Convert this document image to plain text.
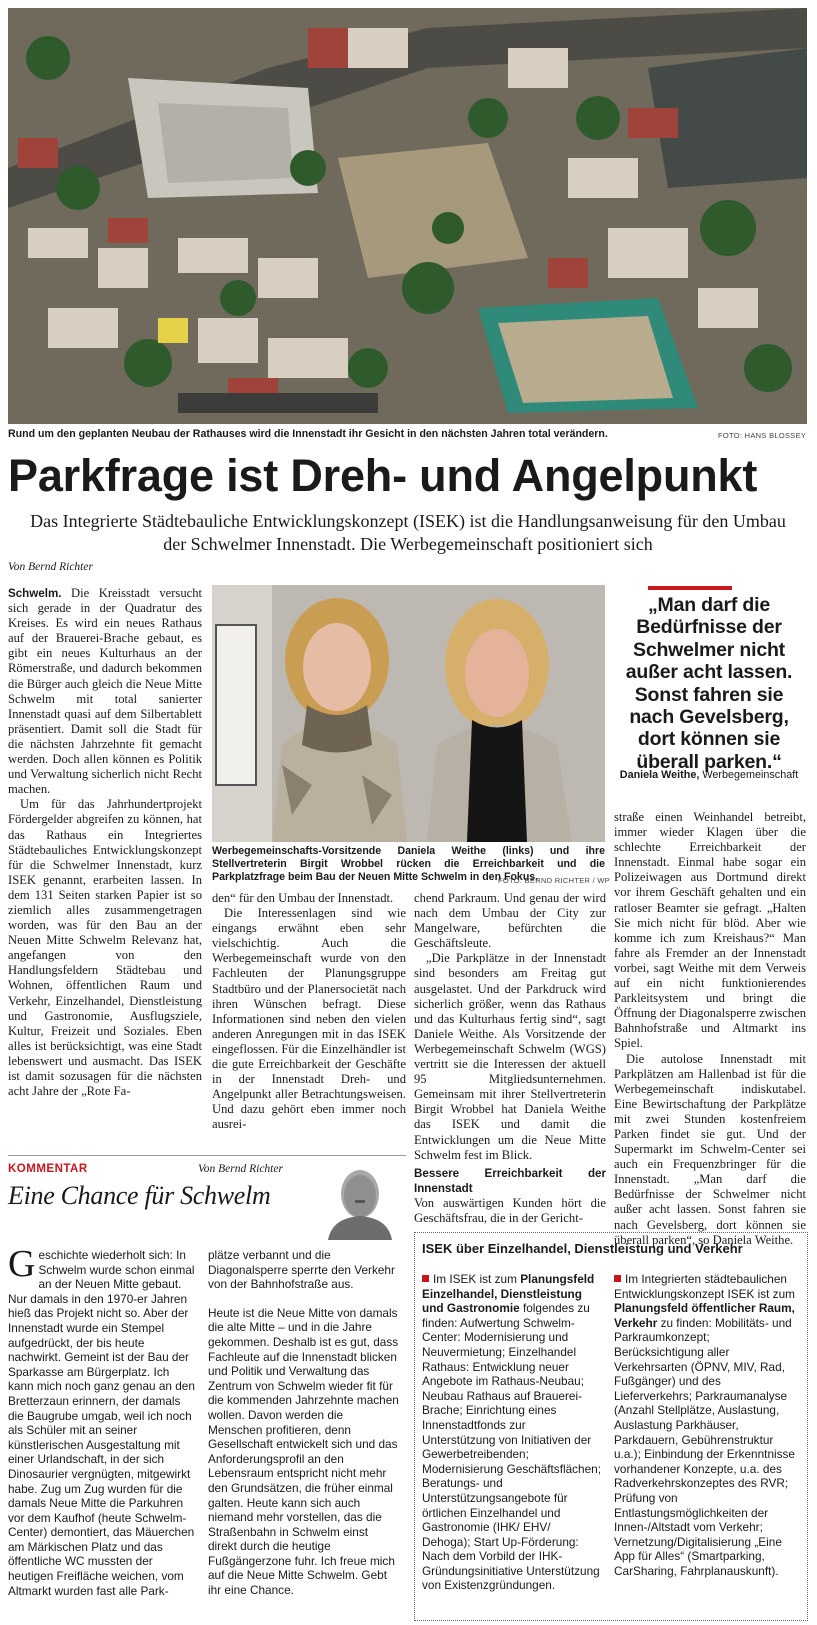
Rund um den geplanten Neubau der Rathauses wird die Innenstadt ihr Gesicht in den nächsten Jahren total verändern.	FOTO: HANS BLOSSEY
Parkfrage ist Dreh- und Angelpunkt
Das Integrierte Städtebauliche Entwicklungskonzept (ISEK) ist die Handlungsanweisung für den Umbau der Schwelmer Innenstadt. Die Werbegemeinschaft positioniert sich
Von Bernd Richter

Schwelm. Die Kreisstadt versucht sich gerade in der Quadratur des Kreises. Es wird ein neues Rathaus auf der Brauerei-Brache gebaut, es gibt ein neues Kulturhaus an der Römerstraße, und dadurch bekommen die Bürger auch gleich die Neue Mitte Schwelm mit total sanierter Innenstadt quasi auf dem Silbertablett präsentiert. Damit soll die Stadt für die nächsten Jahrzehnte fit gemacht werden. Doch allen können es Politik und Verwaltung sicherlich nicht Recht machen.

Um für das Jahrhundertprojekt Fördergelder abgreifen zu können, hat das Rathaus ein Integriertes Städtebauliches Entwicklungskonzept für die Schwelmer Innenstadt, kurz ISEK genannt, erarbeiten lassen. In dem 131 Seiten starken Papier ist so ziemlich alles zusammengetragen worden, was für den Bau an der Neuen Mitte Schwelm Relevanz hat, angefangen von den Handlungsfeldern Städtebau und Wohnen, öffentlichen Raum und Verkehr, Einzelhandel, Dienstleistung und Gastronomie, Ausflugsziele, Kultur, Freizeit und Soziales. Eben alles ist berücksichtigt, was eine Stadt lebenswert und ausmacht. Das ISEK ist damit sozusagen für die nächsten acht Jahre der „Rote Fa-

Werbegemeinschafts-Vorsitzende Daniela Weithe (links) und ihre Stellvertreterin Birgit Wrobbel rücken die Erreichbarkeit und die Parkplatzfrage beim Bau der Neuen Mitte Schwelm in den Fokus.
FOTO: BERND RICHTER / WP
„Man darf die Bedürfnisse der Schwelmer nicht außer acht lassen. Sonst fahren sie nach Gevelsberg, dort können sie überall parken.“
Daniela Weithe, Werbegemeinschaft

den“ für den Umbau der Innenstadt.

Die Interessenlagen sind wie eingangs erwähnt eben sehr vielschichtig. Auch die Werbegemeinschaft wurde von den Fachleuten der Planungsgruppe Stadtbüro und der Planersocietät nach ihren Wünschen befragt. Diese Informationen sind neben den vielen anderen Anregungen mit in das ISEK eingeflossen. Für die Einzelhändler ist die gute Erreichbarkeit der Geschäfte in der Innenstadt Dreh- und Angelpunkt aller Betrachtungsweisen. Und dazu gehört eben immer noch ausrei-

chend Parkraum. Und genau der wird nach dem Umbau der City zur Mangelware, befürchten die Geschäftsleute.

„Die Parkplätze in der Innenstadt sind besonders am Freitag gut ausgelastet. Und der Parkdruck wird sicherlich größer, wenn das Rathaus und das Kulturhaus fertig sind“, sagt Daniele Weithe. Als Vorsitzende der Werbegemeinschaft Schwelm (WGS) vertritt sie die Interessen der aktuell 95 Mitgliedsunternehmen. Gemeinsam mit ihrer Stellvertreterin Birgit Wrobbel hat Daniela Weithe das ISEK und damit die Entwicklungen um die Neue Mitte Schwelm fest im Blick.

Bessere Erreichbarkeit der Innenstadt

Von auswärtigen Kunden hört die Geschäftsfrau, die in der Gericht-

straße einen Weinhandel betreibt, immer wieder Klagen über die schlechte Erreichbarkeit der Innenstadt. Einmal habe sogar ein Polizeiwagen aus Dortmund direkt vor ihrem Geschäft gehalten und ein ratloser Beamter sie gefragt. „Halten Sie mich nicht für blöd. Aber wie komme ich zum Kreishaus?“ Man fahre als Fremder an der Innenstadt vorbei, sagt Weithe mit dem Verweis auf ein nicht funktionierendes Parkleitsystem und bringt die Öffnung der Diagonalsperre zwischen Bahnhofstraße und Altmarkt ins Spiel.

Die autolose Innenstadt mit Parkplätzen am Hallenbad ist für die Werbegemeinschaft indiskutabel. Eine Bewirtschaftung der Parkplätze mit zwei Stunden kostenfreiem Parken findet sie gut. Und der Supermarkt im Schwelm-Center sei auch ein Frequenzbringer für die Innenstadt. „Man darf die Bedürfnisse der Schwelmer nicht außer acht lassen. Sonst fahren sie nach Gevelsberg, dort können sie überall parken“, so Daniela Weithe.

KOMMENTAR	Von Bernd Richter
Eine Chance für Schwelm
Geschichte wiederholt sich: In Schwelm wurde schon einmal an der Neuen Mitte gebaut. Nur damals in den 1970-er Jahren hieß das Projekt nicht so. Aber der Innenstadt wurde ein Stempel aufgedrückt, der bis heute nachwirkt. Gemeint ist der Bau der Sparkasse am Bürgerplatz. Ich kann mich noch ganz genau an den Bretterzaun erinnern, der damals die Baugrube umgab, weil ich noch als Schüler mit an seiner künstlerischen Ausgestaltung mit einer Urlandschaft, in der sich Dinosaurier vergnügten, mitgewirkt habe. Zug um Zug wurden für die damals Neue Mitte die Parkuhren vor dem Kaufhof (heute Schwelm-Center) demontiert, das Mäuerchen am Märkischen Platz und das öffentliche WC mussten der heutigen Freifläche weichen, vom Altmarkt wurden fast alle Park-

plätze verbannt und die Diagonalsperre sperrte den Verkehr von der Bahnhofstraße aus.

Heute ist die Neue Mitte von damals die alte Mitte – und in die Jahre gekommen. Deshalb ist es gut, dass Fachleute auf die Innenstadt blicken und Politik und Verwaltung das Zentrum von Schwelm wieder fit für die kommenden Jahrzehnte machen wollen. Davon werden die Menschen profitieren, denn Gesellschaft entwickelt sich und das Anforderungsprofil an den Lebensraum entspricht nicht mehr den Grundsätzen, die früher einmal galten. Heute kann sich auch niemand mehr vorstellen, das die Straßenbahn in Schwelm einst direkt durch die heutige Fußgängerzone fuhr. Ich freue mich auf die Neue Mitte Schwelm. Gebt ihr eine Chance.

ISEK über Einzelhandel, Dienstleistung und Verkehr
Im ISEK ist zum Planungsfeld Einzelhandel, Dienstleistung und Gastronomie folgendes zu finden: Aufwertung Schwelm-Center: Modernisierung und Neuvermietung; Einzelhandel Rathaus: Entwicklung neuer Angebote im Rathaus-Neubau; Neubau Rathaus auf Brauerei-Brache; Einrichtung eines Innenstadtfonds zur Unterstützung von Initiativen der Gewerbetreibenden; Modernisierung Geschäftsflächen; Beratungs- und Unterstützungsangebote für örtlichen Einzelhandel und Gastronomie (IHK/ EHV/ Dehoga); Start Up-Förderung: Nach dem Vorbild der IHK-Gründungsinitiative Unterstützung von Existenzgründungen.
Im Integrierten städtebaulichen Entwicklungskonzept ISEK ist zum Planungsfeld öffentlicher Raum, Verkehr zu finden: Mobilitäts- und Parkraumkonzept; Berücksichtigung aller Verkehrsarten (ÖPNV, MIV, Rad, Fußgänger) und des Lieferverkehrs; Parkraumanalyse (Anzahl Stellplätze, Auslastung, Auslastung Parkhäuser, Parkdauern, Gebührenstruktur u.a.); Einbindung der Erkenntnisse vorhandener Konzepte, u.a. des Radverkehrskonzeptes des RVR; Prüfung von Entlastungsmöglichkeiten der Innen-/Altstadt vom Verkehr; Vernetzung/Digitalisierung „Eine App für Alles“ (Smartparking, CarSharing, Fahrplanauskunft).
